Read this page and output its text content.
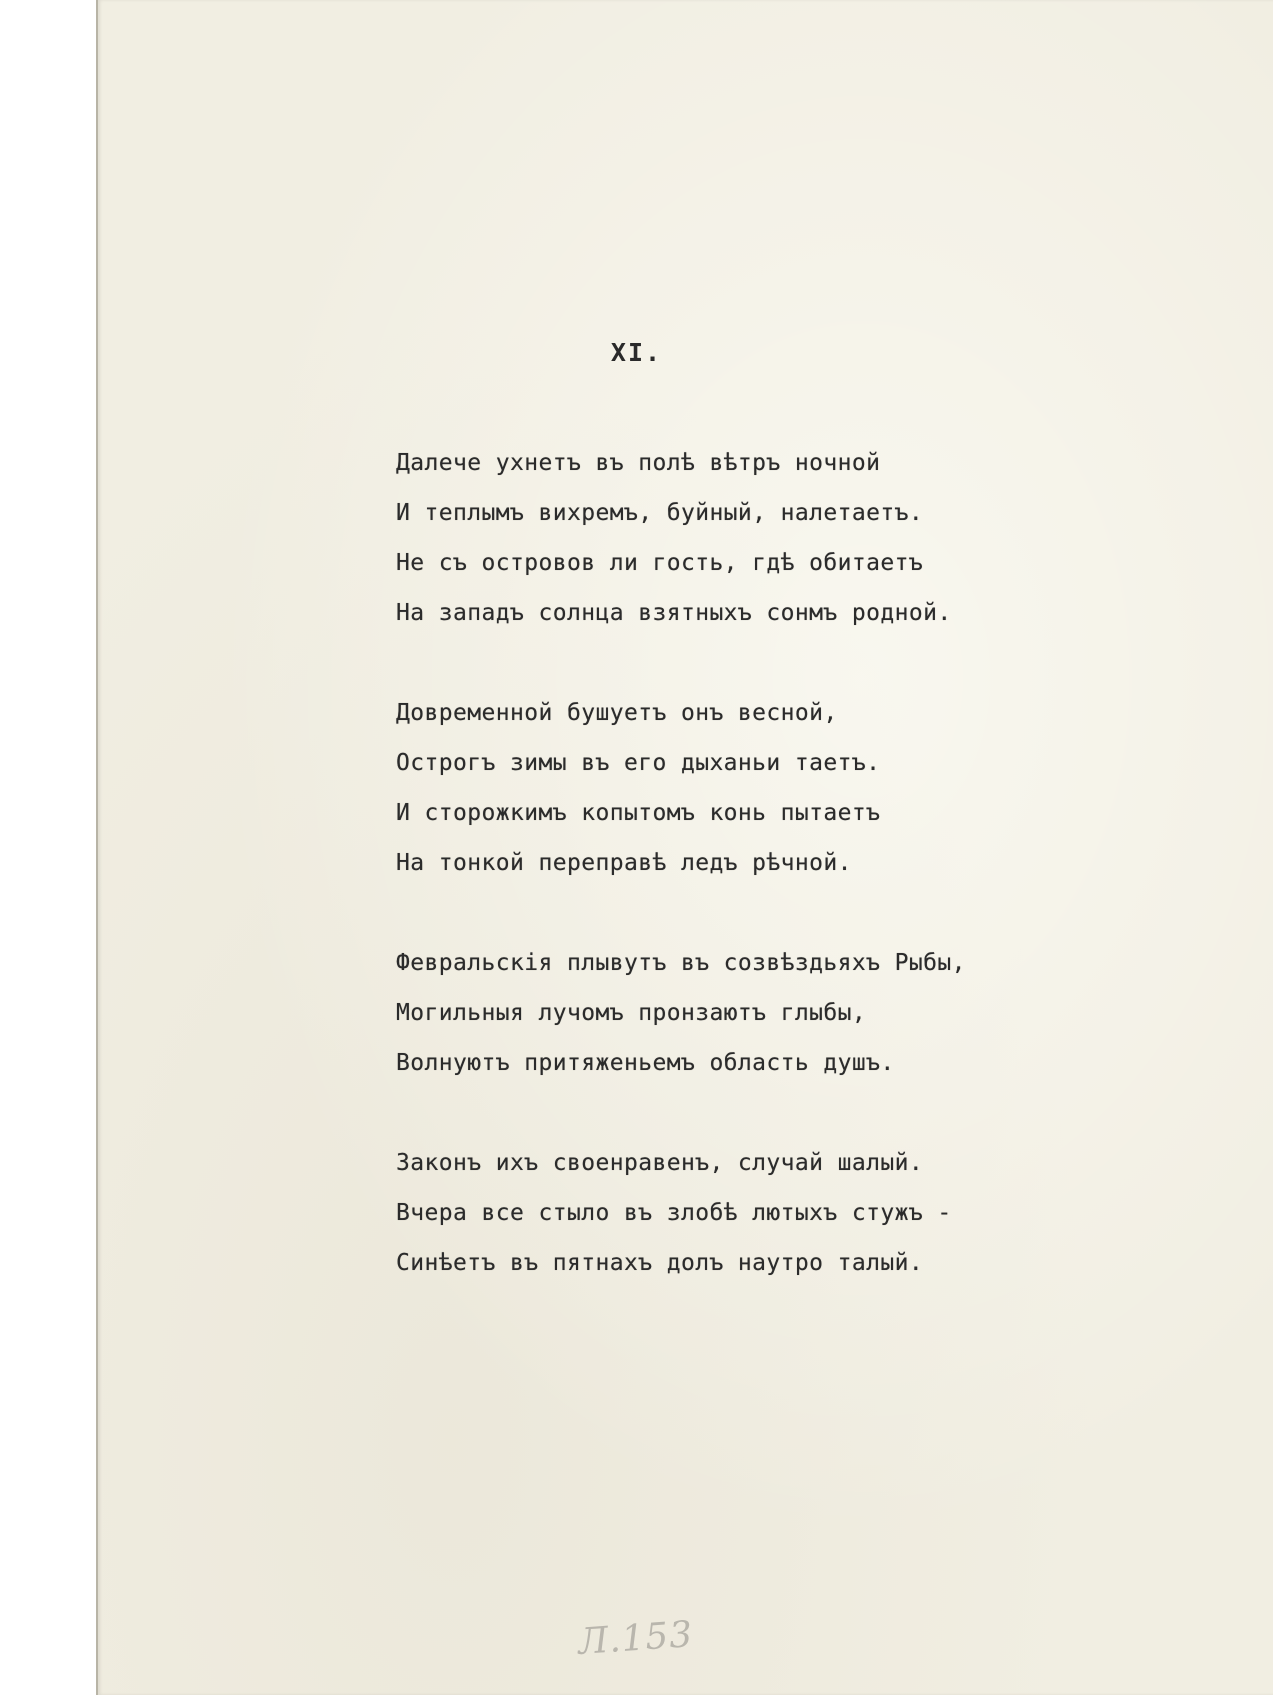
XI.
Далече ухнетъ въ полѣ вѣтръ ночной
И теплымъ вихремъ, буйный, налетаетъ.
Не съ островов ли гость, гдѣ обитаетъ
На западъ солнца взятныхъ сонмъ родной.
Довременной бушуетъ онъ весной,
Острогъ зимы въ его дыханьи таетъ.
И сторожкимъ копытомъ конь пытаетъ
На тонкой переправѣ ледъ рѣчной.
Февральскія плывутъ въ созвѣздьяхъ Рыбы,
Могильныя лучомъ пронзаютъ глыбы,
Волнуютъ притяженьемъ область душъ.
Законъ ихъ своенравенъ, случай шалый.
Вчера все стыло въ злобѣ лютыхъ стужъ -
Синѣетъ въ пятнахъ долъ наутро талый.
Л.153
